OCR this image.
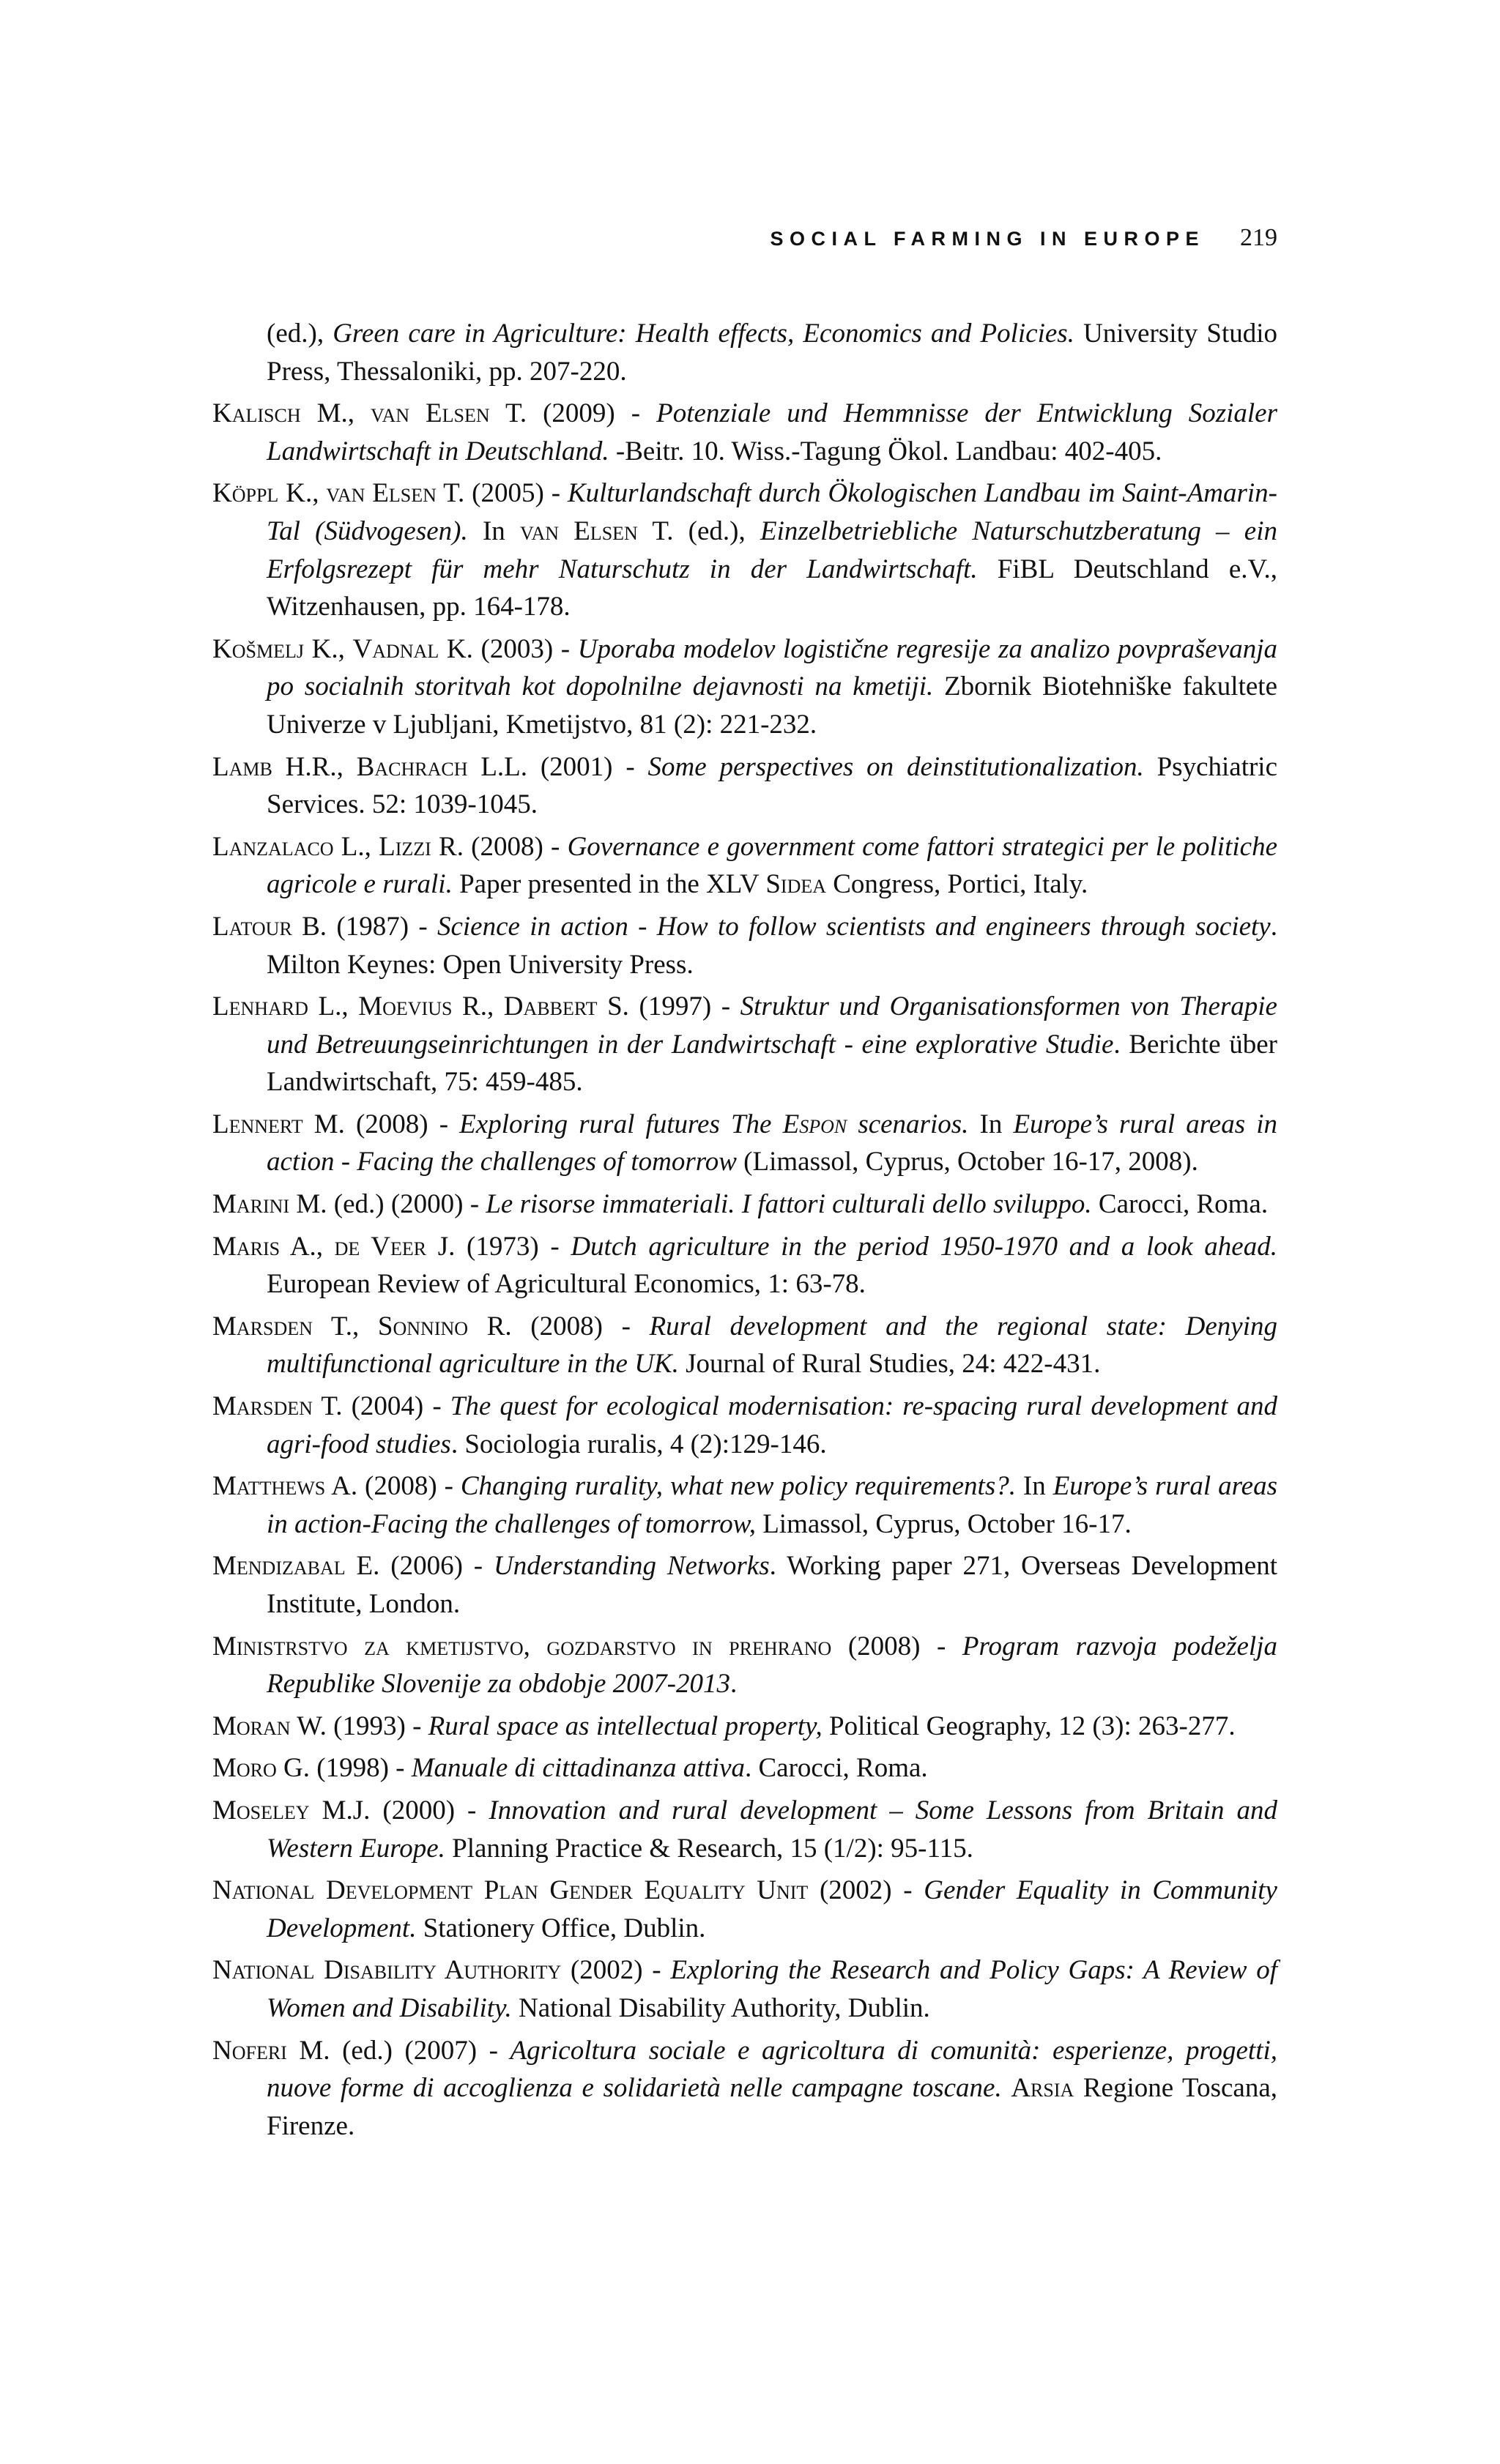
SOCIAL FARMING IN EUROPE 219

(ed.), Green care in Agriculture: Health effects, Economics and Policies. University Studio Press, Thessaloniki, pp. 207-220.

Kalisch M., van Elsen T. (2009) - Potenziale und Hemmnisse der Entwicklung Sozialer Landwirtschaft in Deutschland. -Beitr. 10. Wiss.-Tagung Ökol. Landbau: 402-405.

Köppl K., van Elsen T. (2005) - Kulturlandschaft durch Ökologischen Landbau im Saint-Amarin-Tal (Südvogesen). In van Elsen T. (ed.), Einzelbetriebliche Naturschutzberatung – ein Erfolgsrezept für mehr Naturschutz in der Landwirtschaft. FiBL Deutschland e.V., Witzenhausen, pp. 164-178.

Košmelj K., Vadnal K. (2003) - Uporaba modelov logistične regresije za analizo povpraševanja po socialnih storitvah kot dopolnilne dejavnosti na kmetiji. Zbornik Biotehniške fakultete Univerze v Ljubljani, Kmetijstvo, 81 (2): 221-232.

Lamb H.R., Bachrach L.L. (2001) - Some perspectives on deinstitutionalization. Psychiatric Services. 52: 1039-1045.

Lanzalaco L., Lizzi R. (2008) - Governance e government come fattori strategici per le politiche agricole e rurali. Paper presented in the XLV Sidea Congress, Portici, Italy.

Latour B. (1987) - Science in action - How to follow scientists and engineers through society. Milton Keynes: Open University Press.

Lenhard L., Moevius R., Dabbert S. (1997) - Struktur und Organisationsformen von Therapie und Betreuungseinrichtungen in der Landwirtschaft - eine explorative Studie. Berichte über Landwirtschaft, 75: 459-485.

Lennert M. (2008) - Exploring rural futures The Espon scenarios. In Europe’s rural areas in action - Facing the challenges of tomorrow (Limassol, Cyprus, October 16-17, 2008).

Marini M. (ed.) (2000) - Le risorse immateriali. I fattori culturali dello sviluppo. Carocci, Roma.

Maris A., de Veer J. (1973) - Dutch agriculture in the period 1950-1970 and a look ahead. European Review of Agricultural Economics, 1: 63-78.

Marsden T., Sonnino R. (2008) - Rural development and the regional state: Denying multifunctional agriculture in the UK. Journal of Rural Studies, 24: 422-431.

Marsden T. (2004) - The quest for ecological modernisation: re-spacing rural development and agri-food studies. Sociologia ruralis, 4 (2):129-146.

Matthews A. (2008) - Changing rurality, what new policy requirements?. In Europe’s rural areas in action-Facing the challenges of tomorrow, Limassol, Cyprus, October 16-17.

Mendizabal E. (2006) - Understanding Networks. Working paper 271, Overseas Development Institute, London.

Ministrstvo za kmetijstvo, gozdarstvo in prehrano (2008) - Program razvoja podeželja Republike Slovenije za obdobje 2007-2013.

Moran W. (1993) - Rural space as intellectual property, Political Geography, 12 (3): 263-277.

Moro G. (1998) - Manuale di cittadinanza attiva. Carocci, Roma.

Moseley M.J. (2000) - Innovation and rural development – Some Lessons from Britain and Western Europe. Planning Practice & Research, 15 (1/2): 95-115.

National Development Plan Gender Equality Unit (2002) - Gender Equality in Community Development. Stationery Office, Dublin.

National Disability Authority (2002) - Exploring the Research and Policy Gaps: A Review of Women and Disability. National Disability Authority, Dublin.

Noferi M. (ed.) (2007) - Agricoltura sociale e agricoltura di comunità: esperienze, progetti, nuove forme di accoglienza e solidarietà nelle campagne toscane. Arsia Regione Toscana, Firenze.
